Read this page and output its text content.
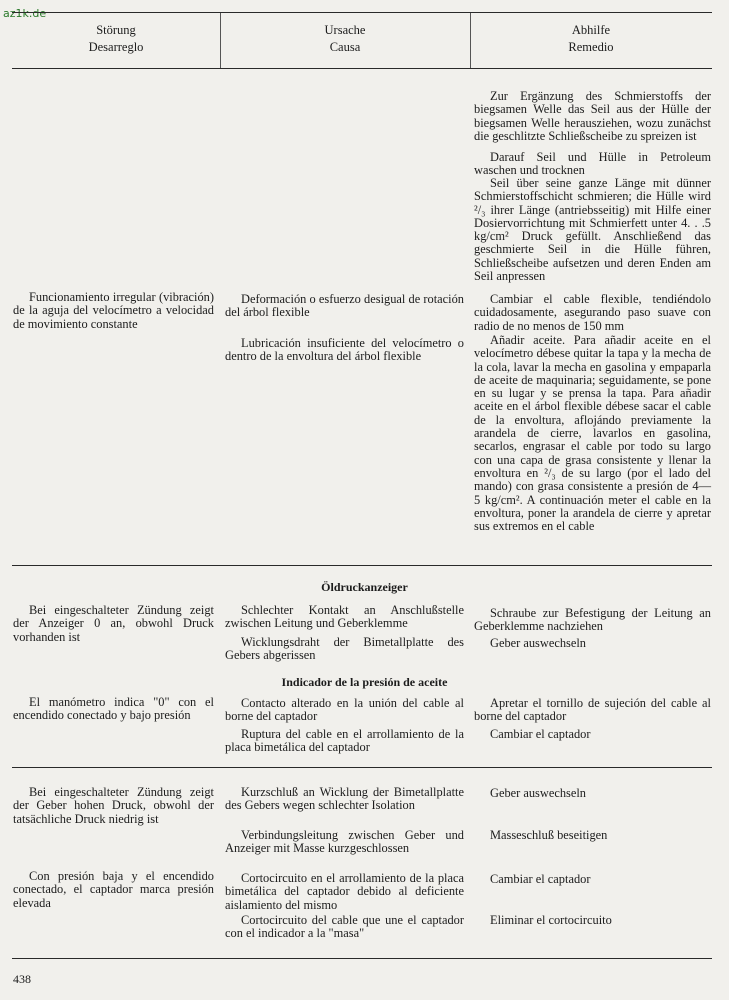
az1k.de
Störung
Desarreglo
Ursache
Causa
Abhilfe
Remedio

Zur Ergänzung des Schmierstoffs der biegsamen Welle das Seil aus der Hülle der biegsamen Welle herausziehen, wozu zunächst die geschlitzte Schließscheibe zu spreizen ist

Darauf Seil und Hülle in Petroleum waschen und trocknen

Seil über seine ganze Länge mit dünner Schmierstoffschicht schmieren; die Hülle wird ²/₃ ihrer Länge (antriebsseitig) mit Hilfe einer Dosiervorrichtung mit Schmierfett unter 4. . .5 kg/cm² Druck gefüllt. Anschließend das geschmierte Seil in die Hülle führen, Schließscheibe aufsetzen und deren Enden am Seil anpressen

Funcionamiento irregular (vibración) de la aguja del velocímetro a velocidad de movimiento constante

Deformación o esfuerzo desigual de rotación del árbol flexible

Lubricación insuficiente del velocímetro o dentro de la envoltura del árbol flexible

Cambiar el cable flexible, tendiéndolo cuidadosamente, asegurando paso suave con radio de no menos de 150 mm

Añadir aceite. Para añadir aceite en el velocímetro débese quitar la tapa y la mecha de la cola, lavar la mecha en gasolina y empaparla de aceite de maquinaria; seguidamente, se pone en su lugar y se prensa la tapa. Para añadir aceite en el árbol flexible débese sacar el cable de la envoltura, aflojándo previamente la arandela de cierre, lavarlos en gasolina, secarlos, engrasar el cable por todo su largo con una capa de grasa consistente y llenar la envoltura en ²/₃ de su largo (por el lado del mando) con grasa consistente a presión de 4—5 kg/cm². A continuación meter el cable en la envoltura, poner la arandela de cierre y apretar sus extremos en el cable

Öldruckanzeiger

Bei eingeschalteter Zündung zeigt der Anzeiger 0 an, obwohl Druck vorhanden ist

Schlechter Kontakt an Anschlußstelle zwischen Leitung und Geberklemme

Wicklungsdraht der Bimetallplatte des Gebers abgerissen

Schraube zur Befestigung der Leitung an Geberklemme nachziehen

Geber auswechseln

Indicador de la presión de aceite

El manómetro indica "0" con el encendido conectado y bajo presión

Contacto alterado en la unión del cable al borne del captador

Ruptura del cable en el arrollamiento de la placa bimetálica del captador

Apretar el tornillo de sujeción del cable al borne del captador

Cambiar el captador

Bei eingeschalteter Zündung zeigt der Geber hohen Druck, obwohl der tatsächliche Druck niedrig ist

Kurzschluß an Wicklung der Bimetallplatte des Gebers wegen schlechter Isolation

Verbindungsleitung zwischen Geber und Anzeiger mit Masse kurzgeschlossen

Geber auswechseln

Masseschluß beseitigen

Con presión baja y el encendido conectado, el captador marca presión elevada

Cortocircuito en el arrollamiento de la placa bimetálica del captador debido al deficiente aislamiento del mismo

Cortocircuito del cable que une el captador con el indicador a la "masa"

Cambiar el captador

Eliminar el cortocircuito

438
